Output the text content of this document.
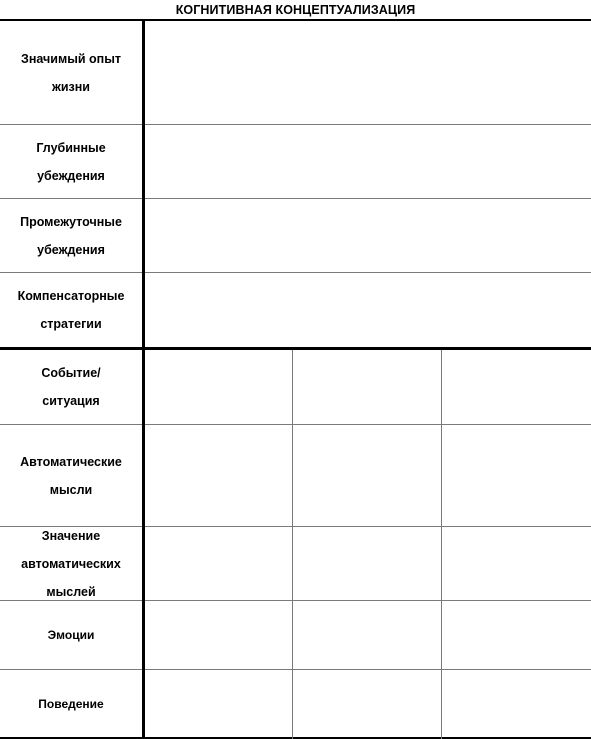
КОГНИТИВНАЯ КОНЦЕПТУАЛИЗАЦИЯ
Значимый опыт
жизни
Глубинные
убеждения
Промежуточные
убеждения
Компенсаторные
стратегии
Событие/
ситуация
Автоматические
мысли
Значение
автоматических
мыслей
Эмоции
Поведение
